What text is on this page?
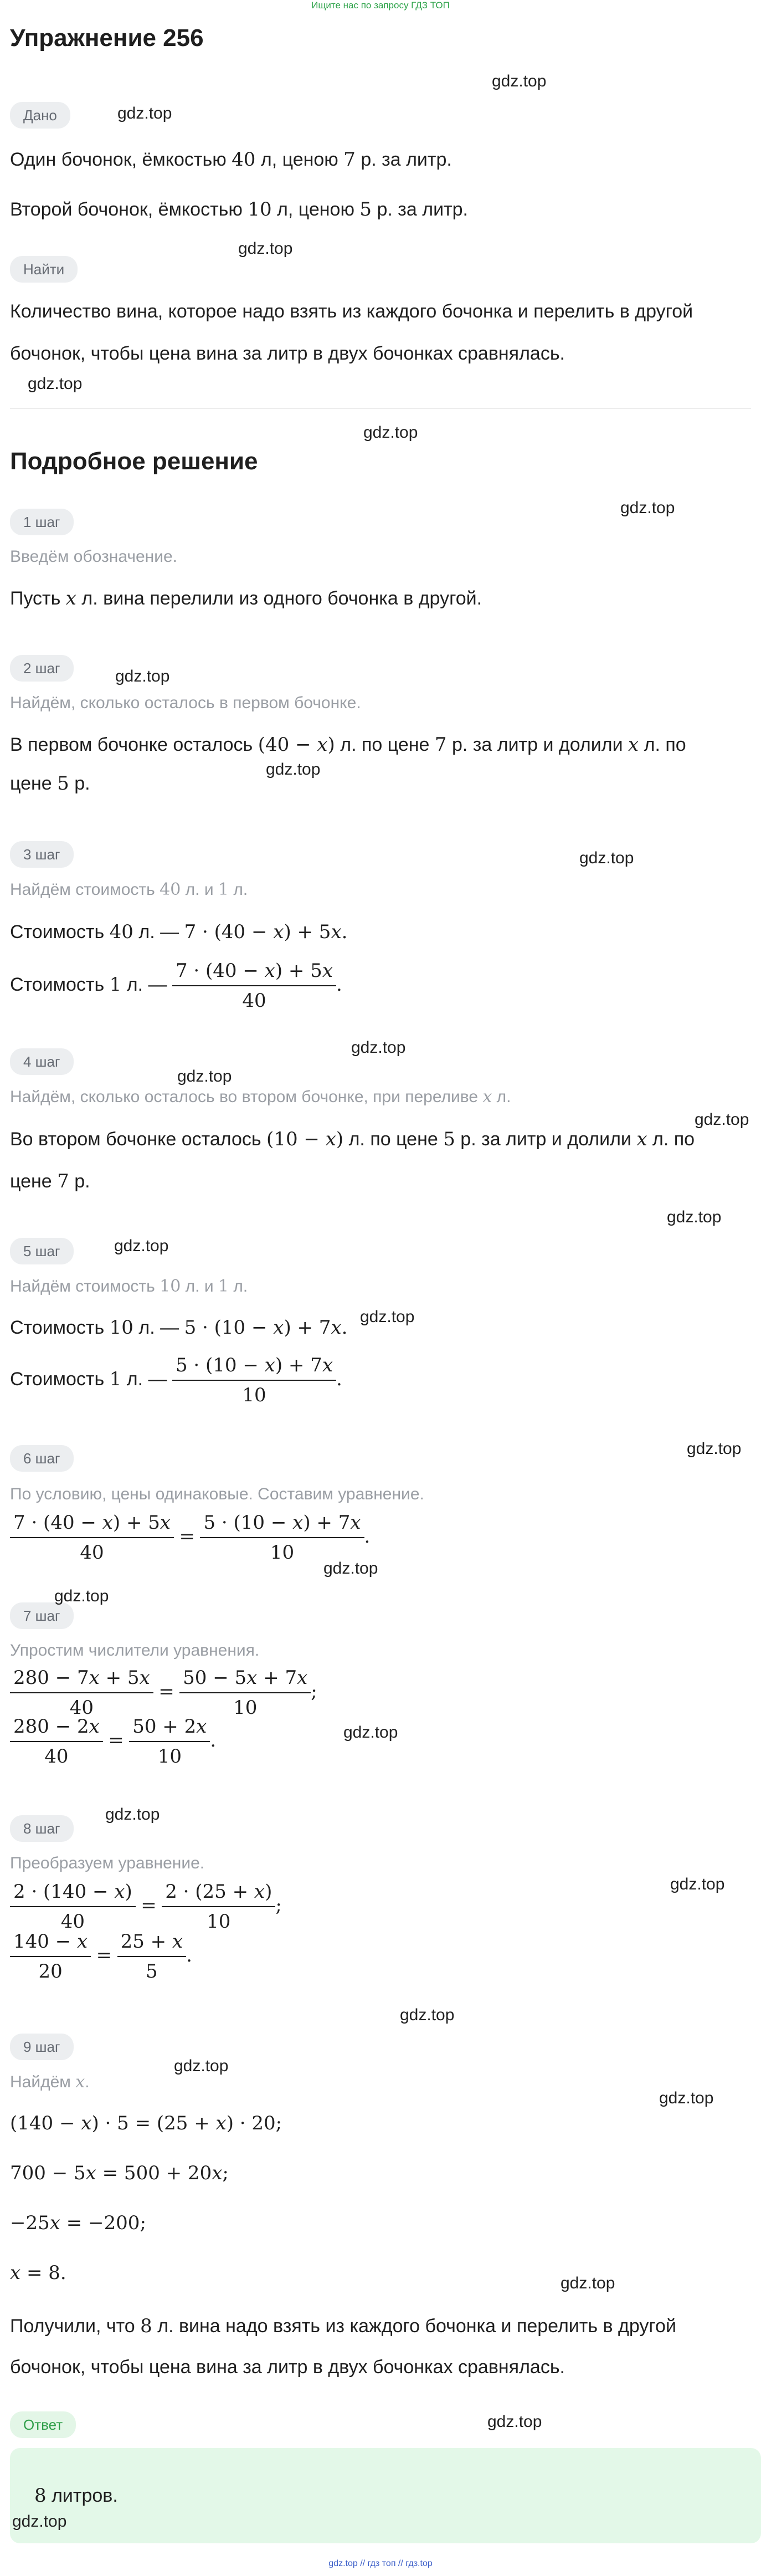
Ищите нас по запросу ГДЗ ТОП
Упражнение 256
Дано
Один бочонок, ёмкостью 40 л, ценою 7 р. за литр.
Второй бочонок, ёмкостью 10 л, ценою 5 р. за литр.
Найти
Количество вина, которое надо взять из каждого бочонка и перелить в другой
бочонок, чтобы цена вина за литр в двух бочонках сравнялась.
Подробное решение
1 шаг
Введём обозначение.
Пусть x л. вина перелили из одного бочонка в другой.
2 шаг
Найдём, сколько осталось в первом бочонке.
В первом бочонке осталось (40 − x) л. по цене 7 р. за литр и долили x л. по
цене 5 р.
3 шаг
Найдём стоимость 40 л. и 1 л.
Стоимость 40 л. — 7 · (40 − x) + 5x.
Стоимость 1 л. — $\frac{7 \cdot (40 - x) + 5x}{40}$ .
4 шаг
Найдём, сколько осталось во втором бочонке, при переливе x л.
Во втором бочонке осталось (10 − x) л. по цене 5 р. за литр и долили x л. по
цене 7 р.
5 шаг
Найдём стоимость 10 л. и 1 л.
Стоимость 10 л. — 5 · (10 − x) + 7x.
Стоимость 1 л. — $\frac{5 \cdot (10 - x) + 7x}{10}$ .
6 шаг
По условию, цены одинаковые. Составим уравнение.
$\frac{7 \cdot (40 - x) + 5x}{40} = \frac{5 \cdot (10 - x) + 7x}{10}$ .
7 шаг
Упростим числители уравнения.
$\frac{280 - 7x + 5x}{40} = \frac{50 - 5x + 7x}{10}$ ;
$\frac{280 - 2x}{40} = \frac{50 + 2x}{10}$ .
8 шаг
Преобразуем уравнение.
$\frac{2 \cdot (140 - x)}{40} = \frac{2 \cdot (25 + x)}{10}$ ;
$\frac{140 - x}{20} = \frac{25 + x}{5}$ .
9 шаг
Найдём x.
(140 − x) · 5 = (25 + x) · 20;
700 − 5x = 500 + 20x;
−25x = −200;
x = 8.
Получили, что 8 л. вина надо взять из каждого бочонка и перелить в другой
бочонок, чтобы цена вина за литр в двух бочонках сравнялась.
Ответ
8 литров.
gdz.top
gdz.top
gdz.top
gdz.top
gdz.top
gdz.top
gdz.top
gdz.top
gdz.top
gdz.top
gdz.top
gdz.top
gdz.top
gdz.top
gdz.top
gdz.top
gdz.top
gdz.top
gdz.top
gdz.top
gdz.top
gdz.top
gdz.top
gdz.top
gdz.top
gdz.top
gdz.top
gdz.top // гдз топ // гдз.top
